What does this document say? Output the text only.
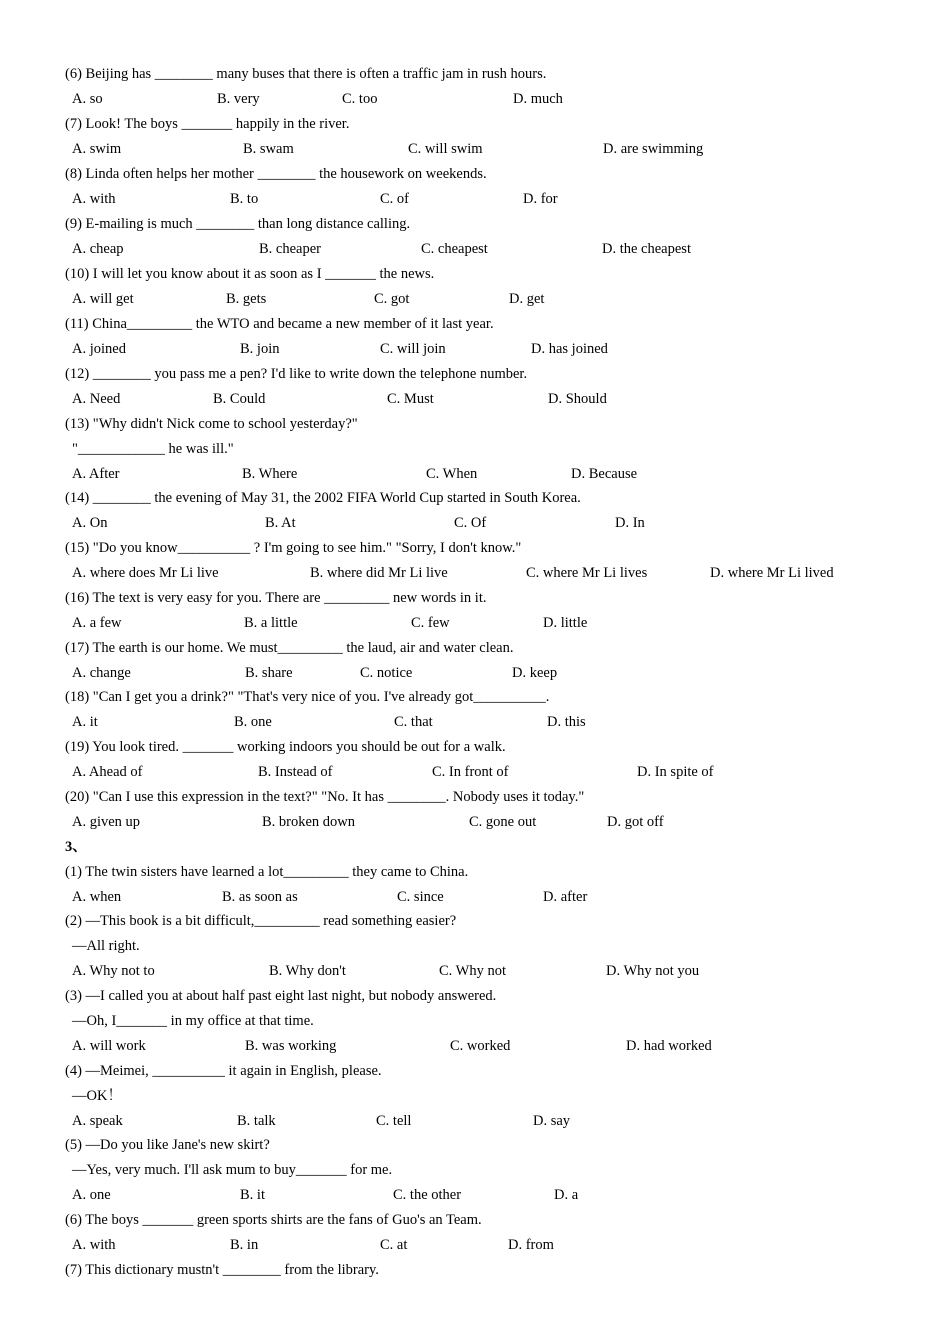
(6) Beijing has ________ many buses that there is often a traffic jam in rush hours.
A. so	B. very	C. too	D. much
(7) Look! The boys _______ happily in the river.
A. swim	B. swam	C. will swim	D. are swimming
(8) Linda often helps her mother ________ the housework on weekends.
A. with	B. to	C. of	D. for
(9) E-mailing is much ________ than long distance calling.
A. cheap	B. cheaper	C. cheapest	D. the cheapest
(10) I will let you know about it as soon as I _______ the news.
A. will get	B. gets	C. got	D. get
(11) China_________ the WTO and became a new member of it last year.
A. joined	B. join	C. will join	D. has joined
(12) ________ you pass me a pen? I'd like to write down the telephone number.
A. Need	B. Could	C. Must	D. Should
(13) "Why didn't Nick come to school yesterday?"
"____________ he was ill."
A. After	B. Where	C. When	D. Because
(14) ________ the evening of May 31, the 2002 FIFA World Cup started in South Korea.
A. On	B. At	C. Of	D. In
(15) "Do you know__________ ? I'm going to see him." "Sorry, I don't know."
A. where does Mr Li live	B. where did Mr Li live	C. where Mr Li lives	D. where Mr Li lived
(16) The text is very easy for you. There are _________ new words in it.
A. a few	B. a little	C. few	D. little
(17) The earth is our home. We must_________ the laud, air and water clean.
A. change	B. share	C. notice	D. keep
(18) "Can I get you a drink?" "That's very nice of you. I've already got__________.
A. it	B. one	C. that	D. this
(19) You look tired. _______ working indoors you should be out for a walk.
A. Ahead of	B. Instead of	C. In front of	D. In spite of
(20) "Can I use this expression in the text?" "No. It has ________. Nobody uses it today."
A. given up	B. broken down	C. gone out	D. got off
3、
(1) The twin sisters have learned a lot_________ they came to China.
A. when	B. as soon as	C. since	D. after
(2) —This book is a bit difficult,_________ read something easier?
—All right.
A. Why not to	B. Why don't	C. Why not	D. Why not you
(3) —I called you at about half past eight last night, but nobody answered.
—Oh, I_______ in my office at that time.
A. will work	B. was working	C. worked	D. had worked
(4) —Meimei, __________ it again in English, please.
—OK！
A. speak	B. talk	C. tell	D. say
(5) —Do you like Jane's new skirt?
—Yes, very much. I'll ask mum to buy_______ for me.
A. one	B. it	C. the other	D. a
(6) The boys _______ green sports shirts are the fans of Guo's an Team.
A. with	B. in	C. at	D. from
(7) This dictionary mustn't ________ from the library.
